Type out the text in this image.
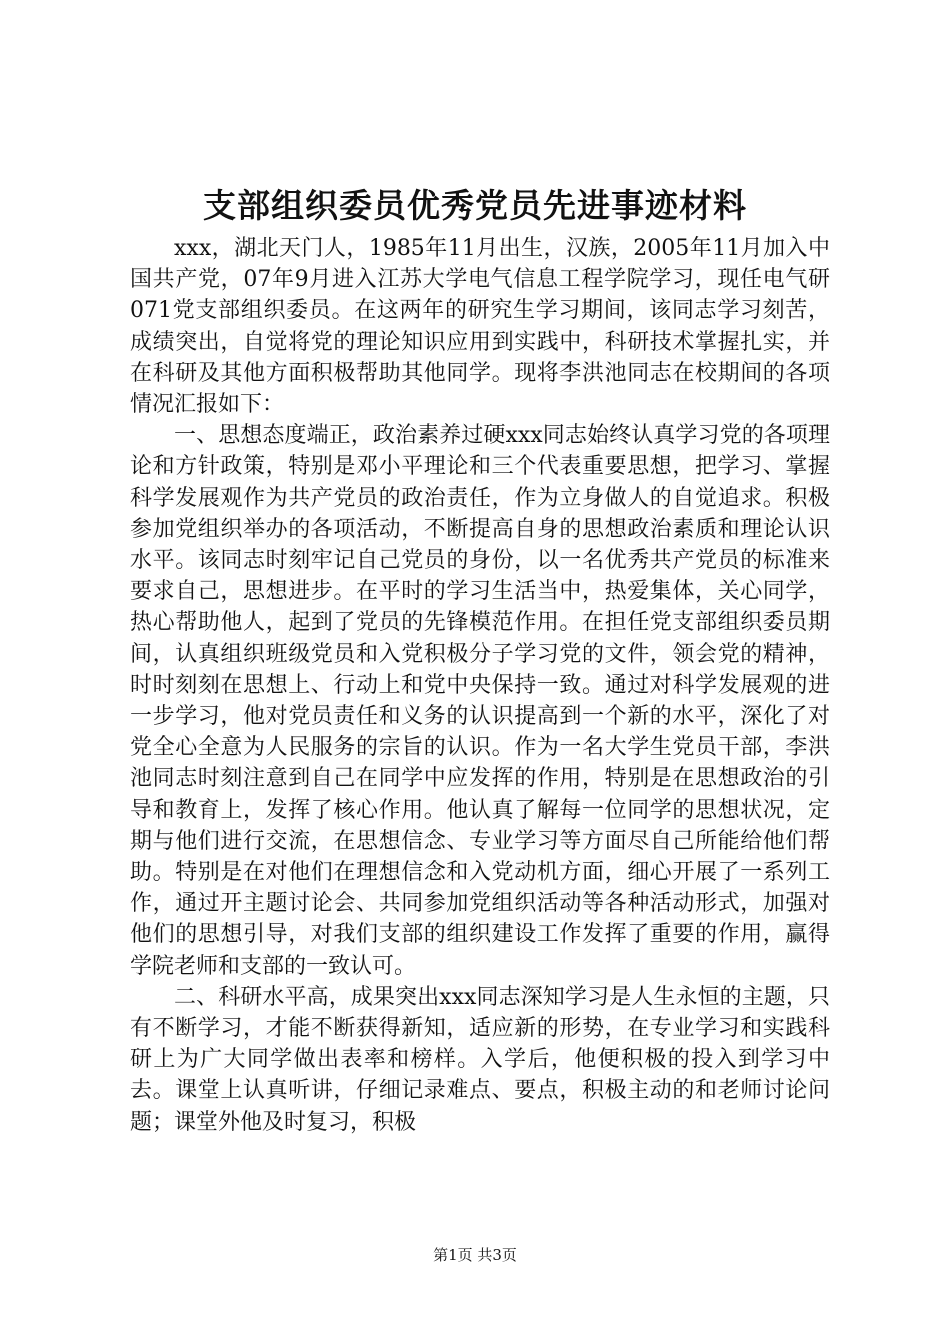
支部组织委员优秀党员先进事迹材料

xxx，湖北天门人，1985年11月出生，汉族，2005年11月加入中国共产党，07年9月进入江苏大学电气信息工程学院学习，现任电气研071党支部组织委员。在这两年的研究生学习期间，该同志学习刻苦，成绩突出，自觉将党的理论知识应用到实践中，科研技术掌握扎实，并在科研及其他方面积极帮助其他同学。现将李洪池同志在校期间的各项情况汇报如下：

一、思想态度端正，政治素养过硬xxx同志始终认真学习党的各项理论和方针政策，特别是邓小平理论和三个代表重要思想，把学习、掌握科学发展观作为共产党员的政治责任，作为立身做人的自觉追求。积极参加党组织举办的各项活动，不断提高自身的思想政治素质和理论认识水平。该同志时刻牢记自己党员的身份，以一名优秀共产党员的标准来要求自己，思想进步。在平时的学习生活当中，热爱集体，关心同学，热心帮助他人，起到了党员的先锋模范作用。在担任党支部组织委员期间，认真组织班级党员和入党积极分子学习党的文件，领会党的精神，时时刻刻在思想上、行动上和党中央保持一致。通过对科学发展观的进一步学习，他对党员责任和义务的认识提高到一个新的水平，深化了对党全心全意为人民服务的宗旨的认识。作为一名大学生党员干部，李洪池同志时刻注意到自己在同学中应发挥的作用，特别是在思想政治的引导和教育上，发挥了核心作用。他认真了解每一位同学的思想状况，定期与他们进行交流，在思想信念、专业学习等方面尽自己所能给他们帮助。特别是在对他们在理想信念和入党动机方面，细心开展了一系列工作，通过开主题讨论会、共同参加党组织活动等各种活动形式，加强对他们的思想引导，对我们支部的组织建设工作发挥了重要的作用，赢得学院老师和支部的一致认可。

二、科研水平高，成果突出xxx同志深知学习是人生永恒的主题，只有不断学习，才能不断获得新知，适应新的形势，在专业学习和实践科研上为广大同学做出表率和榜样。入学后，他便积极的投入到学习中去。课堂上认真听讲，仔细记录难点、要点，积极主动的和老师讨论问题；课堂外他及时复习，积极

第1页 共3页
